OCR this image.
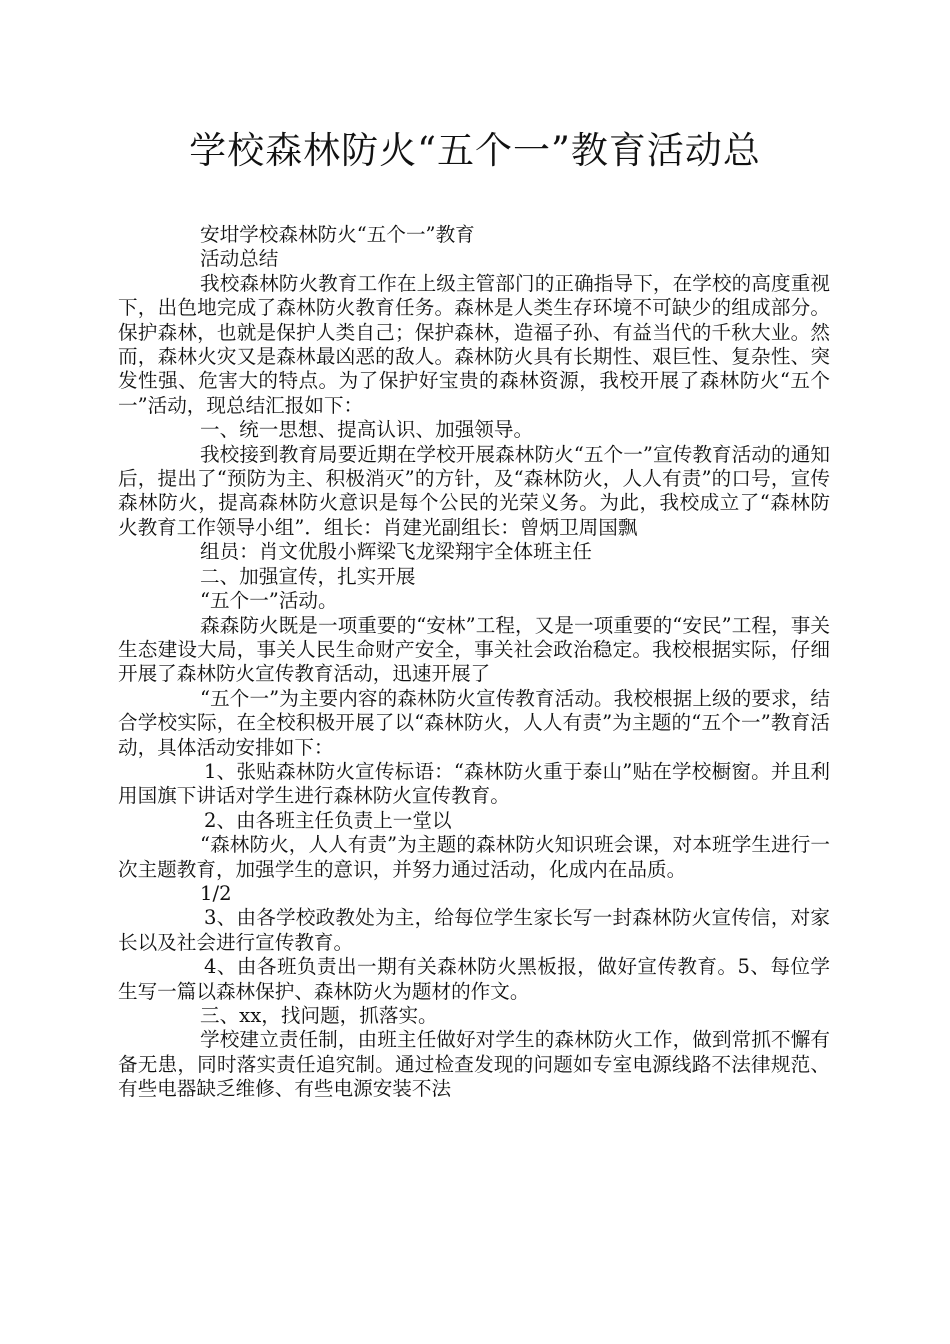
学校森林防火“五个一”教育活动总

安坩学校森林防火“五个一”教育

活动总结

我校森林防火教育工作在上级主管部门的正确指导下，在学校的高度重视下，出色地完成了森林防火教育任务。森林是人类生存环境不可缺少的组成部分。保护森林，也就是保护人类自己；保护森林，造福子孙、有益当代的千秋大业。然而，森林火灾又是森林最凶恶的敌人。森林防火具有长期性、艰巨性、复杂性、突发性强、危害大的特点。为了保护好宝贵的森林资源，我校开展了森林防火“五个一”活动，现总结汇报如下：

一、统一思想、提高认识、加强领导。

我校接到教育局要近期在学校开展森林防火“五个一”宣传教育活动的通知后，提出了“预防为主、积极消灭”的方针，及“森林防火，人人有责”的口号，宣传森林防火，提高森林防火意识是每个公民的光荣义务。为此，我校成立了“森林防火教育工作领导小组”．组长：肖建光副组长：曾炳卫周国飘

组员：肖文优殷小辉梁飞龙梁翔宇全体班主任

二、加强宣传，扎实开展

“五个一”活动。

森森防火既是一项重要的“安林”工程，又是一项重要的“安民”工程，事关生态建设大局，事关人民生命财产安全，事关社会政治稳定。我校根据实际，仔细开展了森林防火宣传教育活动，迅速开展了

“五个一”为主要内容的森林防火宣传教育活动。我校根据上级的要求，结合学校实际，在全校积极开展了以“森林防火，人人有责”为主题的“五个一”教育活动，具体活动安排如下：

1、张贴森林防火宣传标语：“森林防火重于泰山”贴在学校橱窗。并且利用国旗下讲话对学生进行森林防火宣传教育。

2、由各班主任负责上一堂以

“森林防火，人人有责”为主题的森林防火知识班会课，对本班学生进行一次主题教育，加强学生的意识，并努力通过活动，化成内在品质。

1/2

3、由各学校政教处为主，给每位学生家长写一封森林防火宣传信，对家长以及社会进行宣传教育。

4、由各班负责出一期有关森林防火黑板报，做好宣传教育。5、每位学生写一篇以森林保护、森林防火为题材的作文。

三、xx，找问题，抓落实。

学校建立责任制，由班主任做好对学生的森林防火工作，做到常抓不懈有备无患，同时落实责任追究制。通过检查发现的问题如专室电源线路不法律规范、有些电器缺乏维修、有些电源安装不法
